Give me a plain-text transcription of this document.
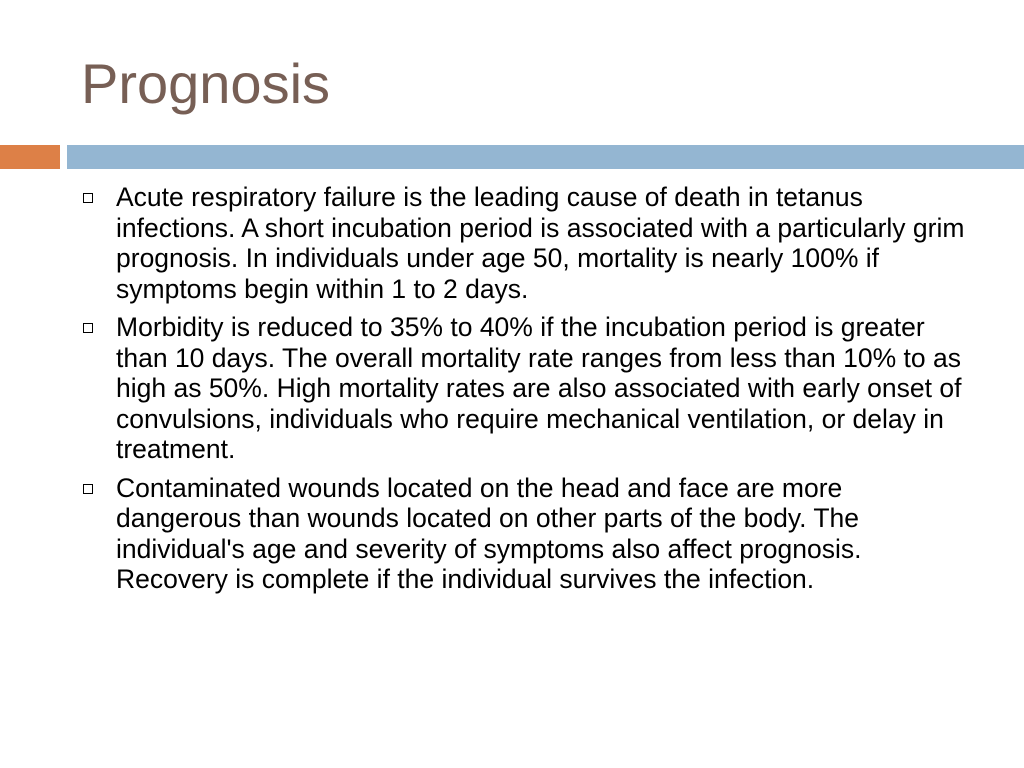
Prognosis
Acute respiratory failure is the leading cause of death in tetanus infections. A short incubation period is associated with a particularly grim prognosis. In individuals under age 50, mortality is nearly 100% if symptoms begin within 1 to 2 days.
Morbidity is reduced to 35% to 40% if the incubation period is greater than 10 days. The overall mortality rate ranges from less than 10% to as high as 50%. High mortality rates are also associated with early onset of convulsions, individuals who require mechanical ventilation, or delay in treatment.
Contaminated wounds located on the head and face are more dangerous than wounds located on other parts of the body. The individual's age and severity of symptoms also affect prognosis. Recovery is complete if the individual survives the infection.
